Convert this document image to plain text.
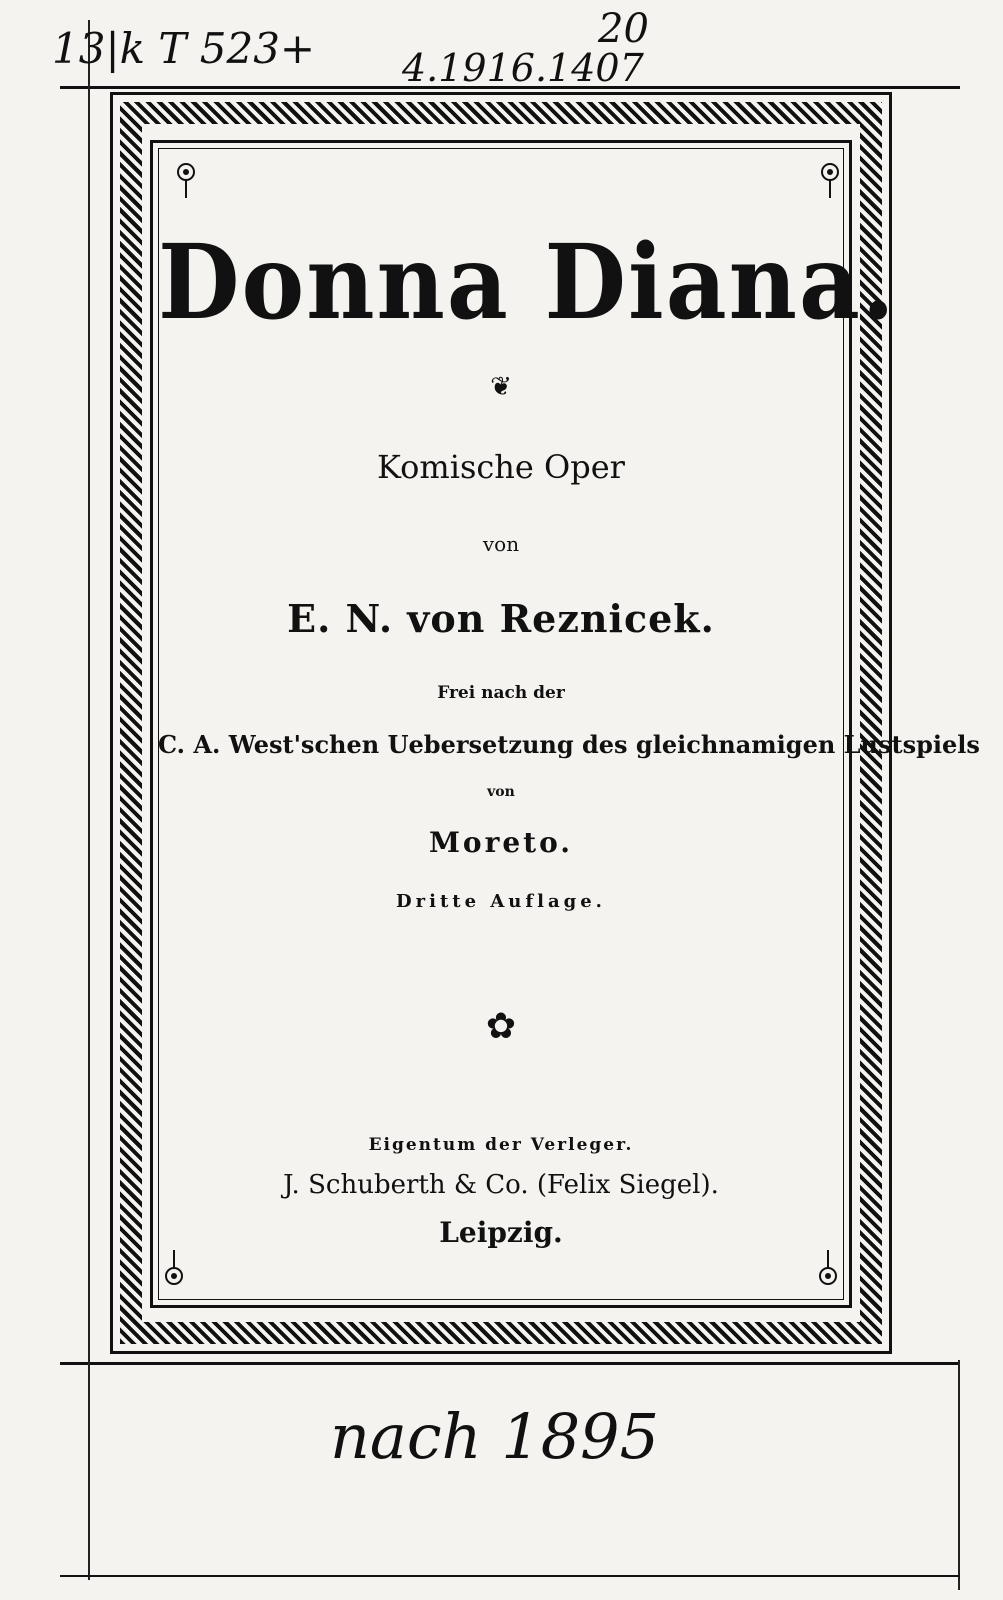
13|k T 523+	20
4.1916.1407
Donna Diana.
❦
Komische Oper
von
E. N. von Reznicek.
Frei nach der
C. A. West'schen Uebersetzung des gleichnamigen Lustspiels
von
Moreto.
Dritte Auflage.
✿
Eigentum der Verleger.
J. Schuberth & Co. (Felix Siegel).
Leipzig.
nach 1895
